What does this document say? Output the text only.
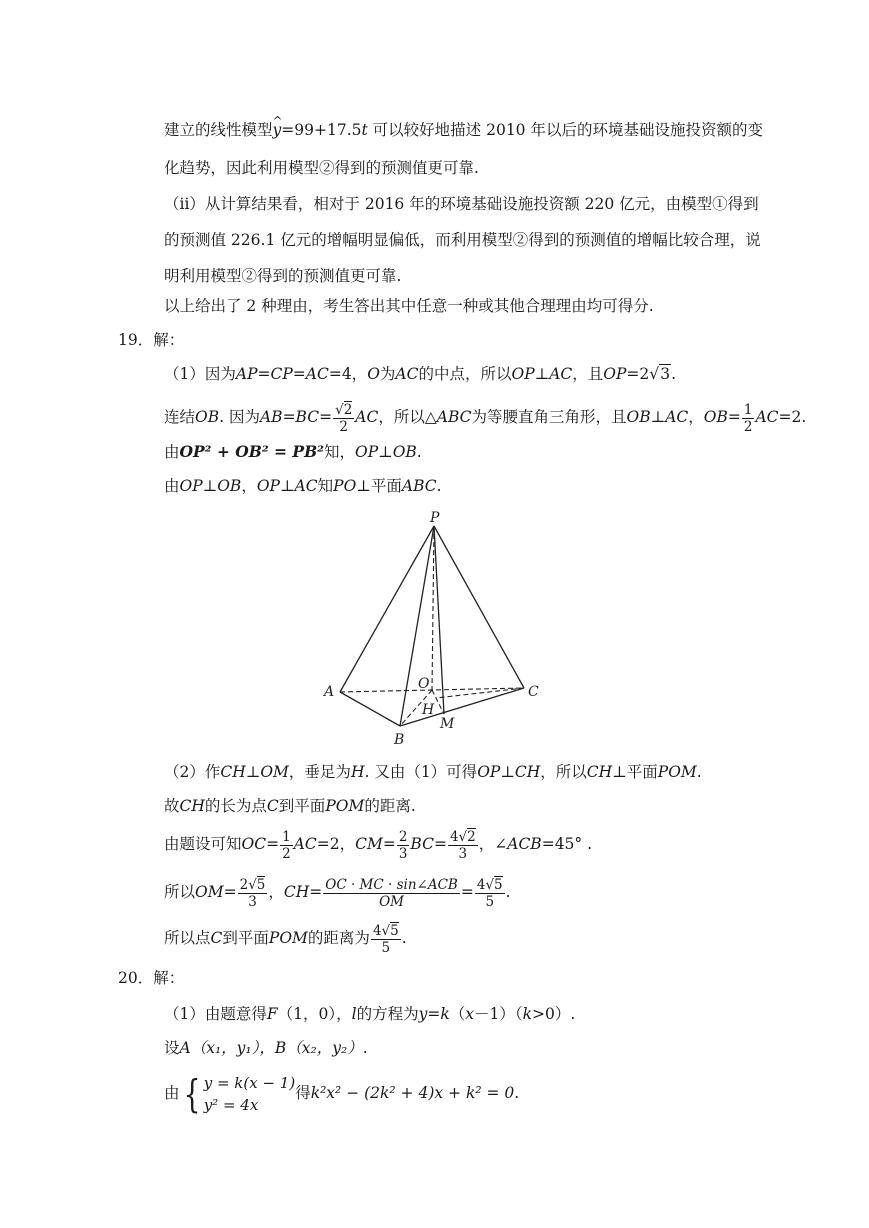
建立的线性模型^ y=99+17.5t 可以较好地描述 2010 年以后的环境基础设施投资额的变
化趋势，因此利用模型②得到的预测值更可靠.
（ii）从计算结果看，相对于 2016 年的环境基础设施投资额 220 亿元，由模型①得到
的预测值 226.1 亿元的增幅明显偏低，而利用模型②得到的预测值的增幅比较合理，说
明利用模型②得到的预测值更可靠.
以上给出了 2 种理由，考生答出其中任意一种或其他合理理由均可得分.
19．解：
（1）因为AP=CP=AC=4，O为AC的中点，所以OP⊥AC，且OP=2√3.
连结OB. 因为$AB=BC= \frac{√2}{2}$ AC，所以△ABC为等腰直角三角形，且OB⊥AC，$OB= \frac{1}{2} AC=2$.
由OP² + OB² = PB²知，OP⊥OB.
由OP⊥OB，OP⊥AC知PO⊥平面ABC.
P
A
B
C
O
H
M
（2）作CH⊥OM，垂足为H. 又由（1）可得OP⊥CH，所以CH⊥平面POM.
故CH的长为点C到平面POM的距离.
由题设可知$OC= \frac{1}{2} AC=2$，$CM= \frac{2}{3} BC= \frac{4√2}{3}$ ，∠ACB=45° .
所以$OM= \frac{2√5}{3}$ ，$CH= \frac{\text{OC · MC · sin∠ACB}}{OM} = \frac{4√5}{5}$ .
所以点C到平面POM的距离为 $\frac{4√5}{5}$ .
20．解：
（1）由题意得F（1，0），l的方程为y=k（x－1）（k>0）.
设A（x₁，y₁），B（x₂，y₂）.
由{ y = k(x − 1)
y² = 4x
得k²x² − (2k² + 4)x + k² = 0.
